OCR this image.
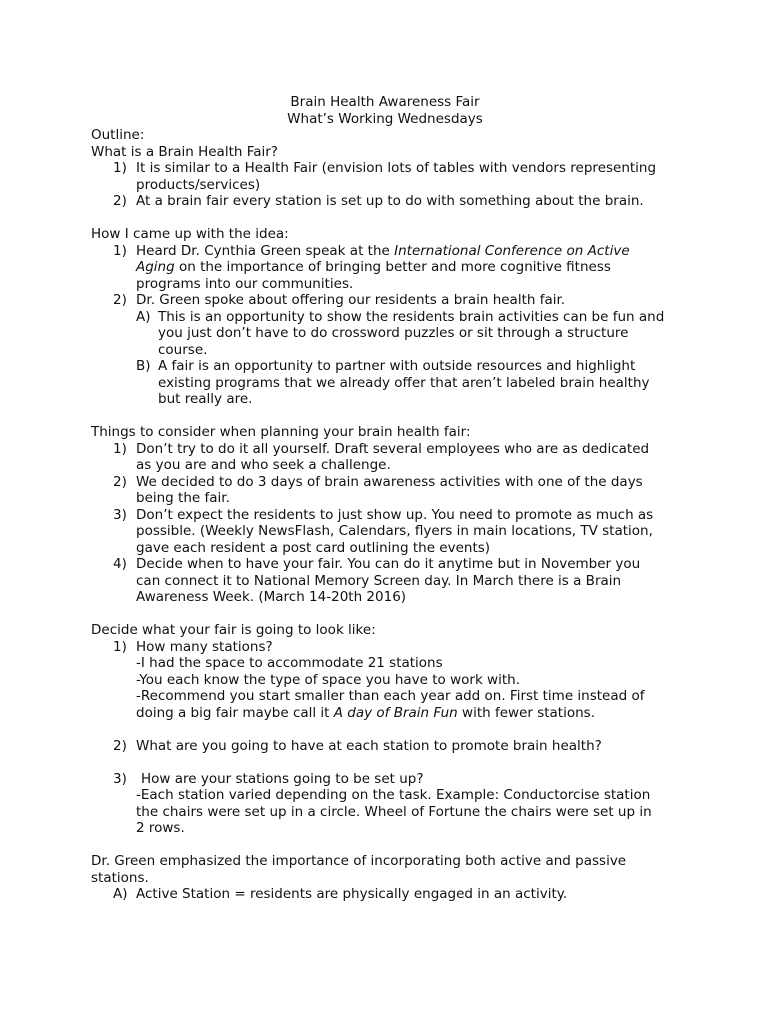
Brain Health Awareness Fair
What’s Working Wednesdays
Outline:
What is a Brain Health Fair?
1) It is similar to a Health Fair (envision lots of tables with vendors representing
products/services)
2) At a brain fair every station is set up to do with something about the brain.
How I came up with the idea:
1) Heard Dr. Cynthia Green speak at the International Conference on Active
Aging on the importance of bringing better and more cognitive fitness
programs into our communities.
2) Dr. Green spoke about offering our residents a brain health fair.
A) This is an opportunity to show the residents brain activities can be fun and
you just don’t have to do crossword puzzles or sit through a structure
course.
B) A fair is an opportunity to partner with outside resources and highlight
existing programs that we already offer that aren’t labeled brain healthy
but really are.
Things to consider when planning your brain health fair:
1) Don’t try to do it all yourself. Draft several employees who are as dedicated
as you are and who seek a challenge.
2) We decided to do 3 days of brain awareness activities with one of the days
being the fair.
3) Don’t expect the residents to just show up. You need to promote as much as
possible. (Weekly NewsFlash, Calendars, flyers in main locations, TV station,
gave each resident a post card outlining the events)
4) Decide when to have your fair. You can do it anytime but in November you
can connect it to National Memory Screen day. In March there is a Brain
Awareness Week. (March 14-20th 2016)
Decide what your fair is going to look like:
1) How many stations?
-I had the space to accommodate 21 stations
-You each know the type of space you have to work with.
-Recommend you start smaller than each year add on. First time instead of
doing a big fair maybe call it A day of Brain Fun with fewer stations.
2) What are you going to have at each station to promote brain health?
3) How are your stations going to be set up?
-Each station varied depending on the task. Example: Conductorcise station
the chairs were set up in a circle. Wheel of Fortune the chairs were set up in
2 rows.
Dr. Green emphasized the importance of incorporating both active and passive
stations.
A) Active Station = residents are physically engaged in an activity.
